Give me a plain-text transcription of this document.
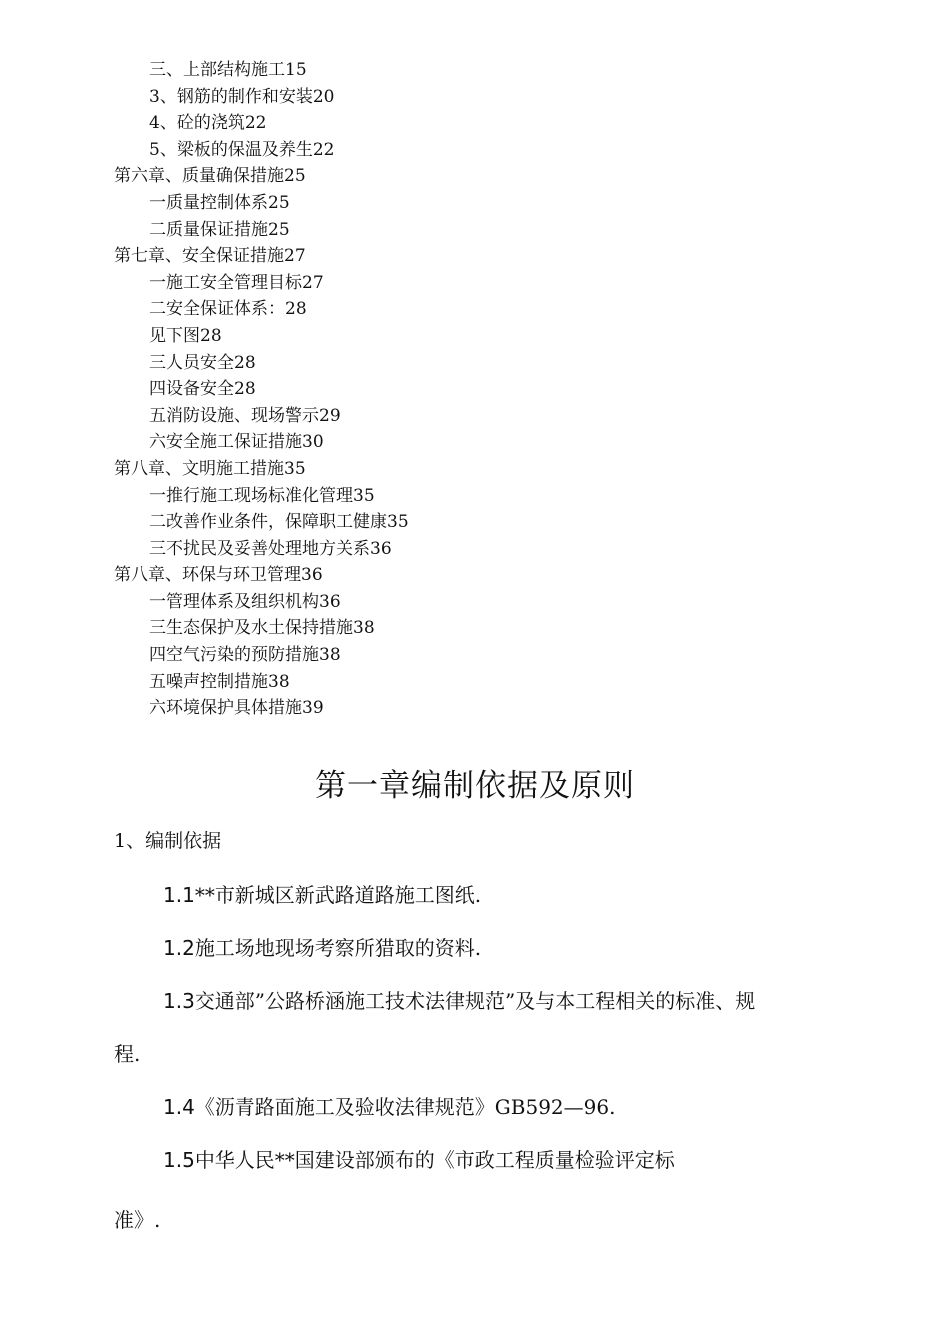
三、上部结构施工15
3、钢筋的制作和安装20
4、砼的浇筑22
5、梁板的保温及养生22
第六章、质量确保措施25
一质量控制体系25
二质量保证措施25
第七章、安全保证措施27
一施工安全管理目标27
二安全保证体系：28
见下图28
三人员安全28
四设备安全28
五消防设施、现场警示29
六安全施工保证措施30
第八章、文明施工措施35
一推行施工现场标准化管理35
二改善作业条件，保障职工健康35
三不扰民及妥善处理地方关系36
第八章、环保与环卫管理36
一管理体系及组织机构36
三生态保护及水土保持措施38
四空气污染的预防措施38
五噪声控制措施38
六环境保护具体措施39
第一章编制依据及原则
1、编制依据
1.1**市新城区新武路道路施工图纸.
1.2施工场地现场考察所猎取的资料.
1.3交通部”公路桥涵施工技术法律规范”及与本工程相关的标准、规
程.
1.4《沥青路面施工及验收法律规范》GB592—96.
1.5中华人民**国建设部颁布的《市政工程质量检验评定标
准》.
